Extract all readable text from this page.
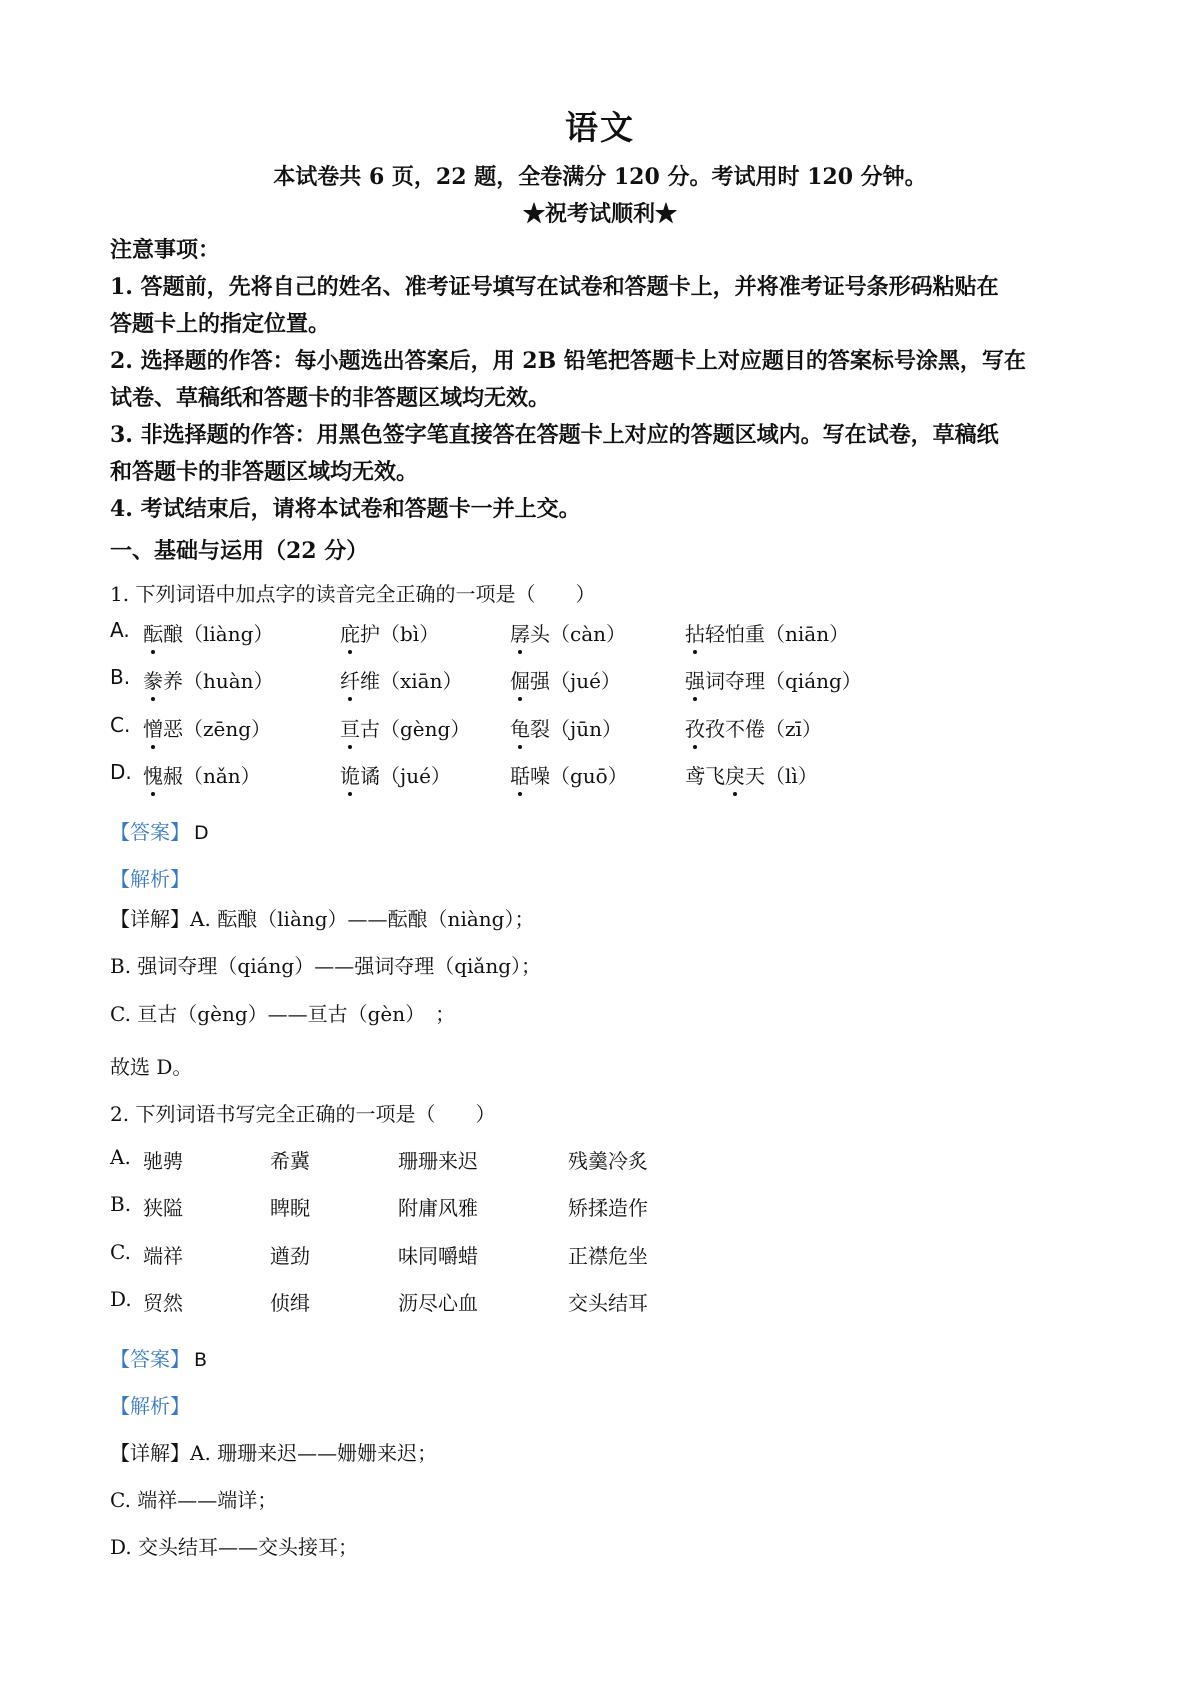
语文
本试卷共 6 页，22 题，全卷满分 120 分。考试用时 120 分钟。
★祝考试顺利★
注意事项：
1. 答题前，先将自己的姓名、准考证号填写在试卷和答题卡上，并将准考证号条形码粘贴在
答题卡上的指定位置。
2. 选择题的作答：每小题选出答案后，用 2B 铅笔把答题卡上对应题目的答案标号涂黑，写在
试卷、草稿纸和答题卡的非答题区域均无效。
3. 非选择题的作答：用黑色签字笔直接答在答题卡上对应的答题区域内。写在试卷，草稿纸
和答题卡的非答题区域均无效。
4. 考试结束后，请将本试卷和答题卡一并上交。
一、基础与运用（22 分）
1. 下列词语中加点字的读音完全正确的一项是（　　）
A. 酝酿（liàng）	庇护（bì）	孱头（càn）	拈轻怕重（niān）
B. 豢养（huàn）	纤维（xiān） 倔强（jué）	强词夺理（qiáng）
C. 憎恶（zēng）	亘古（gèng） 龟裂（jūn）	孜孜不倦（zī）
D. 愧赧（nǎn）	诡谲（jué）	聒噪（guō）	鸢飞戾天（lì）
【答案】 D
【解析】
【详解】A. 酝酿（liàng）——酝酿（niàng）；
B. 强词夺理（qiáng）——强词夺理（qiǎng）；
C. 亘古（gèng）——亘古（gèn）　；
故选 D。
2. 下列词语书写完全正确的一项是（　　）
A. 驰骋	希冀	珊珊来迟	残羹冷炙
B. 狭隘	睥睨	附庸风雅	矫揉造作
C. 端祥	遒劲	味同嚼蜡	正襟危坐
D. 贸然	侦缉	沥尽心血	交头结耳
【答案】 B
【解析】
【详解】A. 珊珊来迟——姗姗来迟；
C. 端祥——端详；
D. 交头结耳——交头接耳；
